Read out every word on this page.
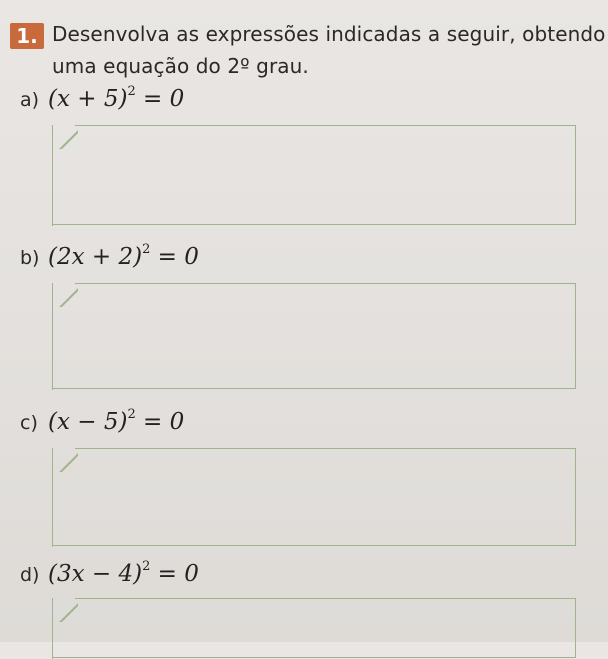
1. Desenvolva as expressões indicadas a seguir, obtendo
uma equação do 2º grau.
a) $(x + 5)^2 = 0$
b) $(2x + 2)^2 = 0$
c) $(x - 5)^2 = 0$
d) $(3x - 4)^2 = 0$
